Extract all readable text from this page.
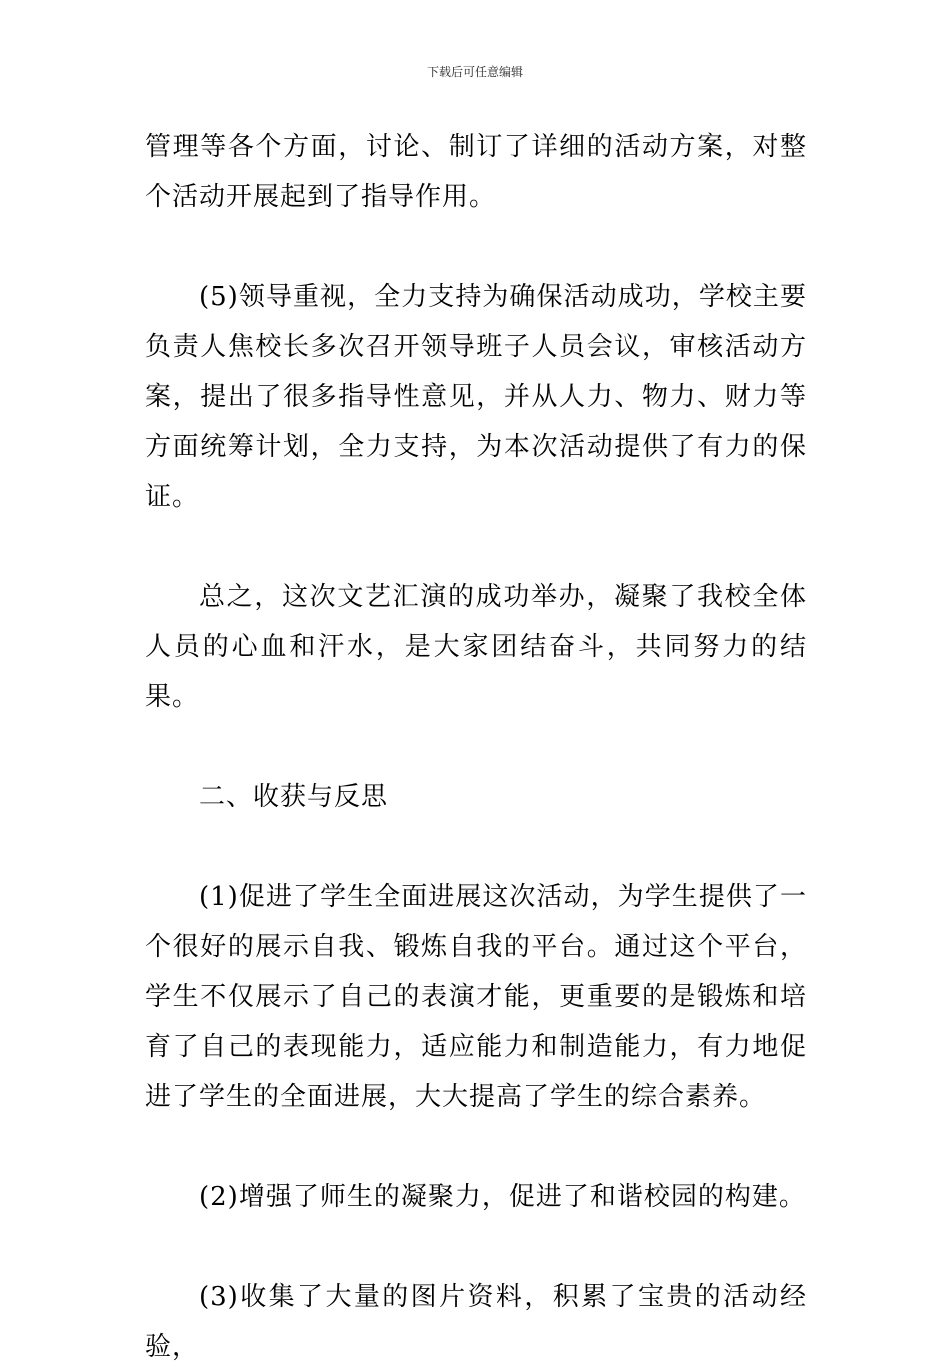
下载后可任意编辑

管理等各个方面，讨论、制订了详细的活动方案，对整个活动开展起到了指导作用。

(5)领导重视，全力支持为确保活动成功，学校主要负责人焦校长多次召开领导班子人员会议，审核活动方案，提出了很多指导性意见，并从人力、物力、财力等方面统筹计划，全力支持，为本次活动提供了有力的保证。

总之，这次文艺汇演的成功举办，凝聚了我校全体人员的心血和汗水，是大家团结奋斗，共同努力的结果。

二、收获与反思

(1)促进了学生全面进展这次活动，为学生提供了一个很好的展示自我、锻炼自我的平台。通过这个平台，学生不仅展示了自己的表演才能，更重要的是锻炼和培育了自己的表现能力，适应能力和制造能力，有力地促进了学生的全面进展，大大提高了学生的综合素养。

(2)增强了师生的凝聚力，促进了和谐校园的构建。

(3)收集了大量的图片资料，积累了宝贵的活动经验，
